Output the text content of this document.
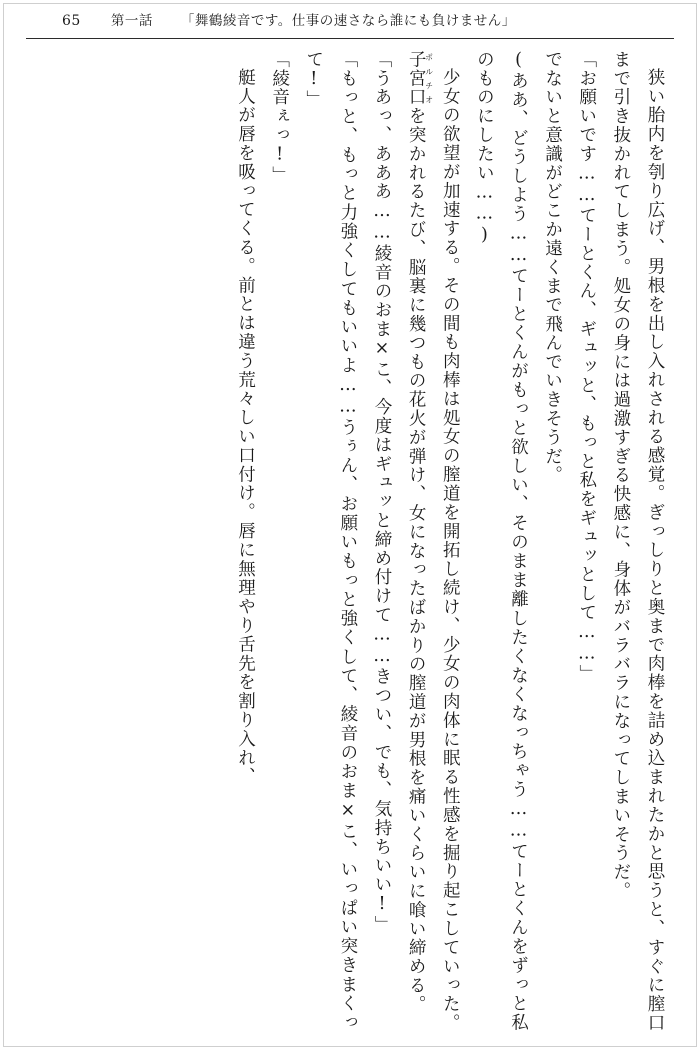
65 第一話 「舞鶴綾音です。仕事の速さなら誰にも負けません」

狭い胎内を刳り広げ、男根を出し入れされる感覚。ぎっしりと奥まで肉棒を詰め込まれたかと思うと、すぐに膣口まで引き抜かれてしまう。処女の身には過激すぎる快感に、身体がバラバラになってしまいそうだ。

「お願いです……てーとくん、ギュッと、もっと私をギュッとして……」

でないと意識がどこか遠くまで飛んでいきそうだ。

(ああ、どうしよう……てーとくんがもっと欲しい、そのまま離したくなくなっちゃう……てーとくんをずっと私のものにしたい……)

少女の欲望が加速する。その間も肉棒は処女の膣道を開拓し続け、少女の肉体に眠る性感を掘り起こしていった。子宮口ポルチオを突かれるたび、脳裏に幾つもの花火が弾け、女になったばかりの膣道が男根を痛いくらいに喰い締める。

「うあっ、あああ……綾音のおま×こ、今度はギュッと締め付けて……きつい、でも、気持ちいい!」

「もっと、もっと力強くしてもいいよ……うぅん、お願いもっと強くして、綾音のおま×こ、いっぱい突きまくって!」

「綾音ぇっ!」

艇人が唇を吸ってくる。前とは違う荒々しい口付け。唇に無理やり舌先を割り入れ、
